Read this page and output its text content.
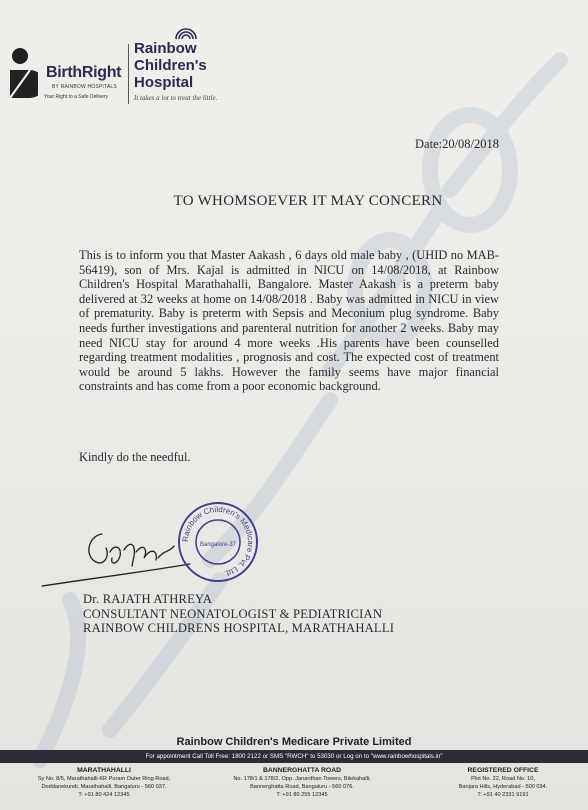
BirthRight
BY RAINBOW HOSPITALS
Your Right to a Safe Delivery
Rainbow
Children's
Hospital
It takes a lot to treat the little.
Date:20/08/2018
TO WHOMSOEVER IT MAY CONCERN
This is to inform you that Master Aakash , 6 days old male baby , (UHID no MAB-56419), son of Mrs. Kajal is admitted in NICU on 14/08/2018, at Rainbow Children's Hospital Marathahalli, Bangalore. Master Aakash is a preterm baby delivered at 32 weeks at home on 14/08/2018 . Baby was admitted in NICU in view of prematurity. Baby is preterm with Sepsis and Meconium plug syndrome. Baby needs further investigations and parenteral nutrition for another 2 weeks. Baby may need NICU stay for around 4 more weeks .His parents have been counselled regarding treatment modalities , prognosis and cost. The expected cost of treatment would be around 5 lakhs. However the family seems have major financial constraints and has come from a poor economic background.
Kindly do the needful.
Rainbow Children's Medicare Pvt. Ltd.
Bangalore-37
Dr. RAJATH ATHREYA
CONSULTANT NEONATOLOGIST & PEDIATRICIAN
RAINBOW CHILDRENS HOSPITAL, MARATHAHALLI
Rainbow Children's Medicare Private Limited
For appointment Call Toll Free: 1800 2122 or SMS "RWCH" to 53030 or Log on to "www.rainbowhospitals.in"
MARATHAHALLI
Sy No. 8/5, Marathahalli-KR Puram Outer Ring Road,
Doddanekundi, Marathahalli, Bangaluru - 560 037.
T: +91 80 424 12345
BANNERGHATTA ROAD
No. 178/1 & 178/2, Opp. Janardhan Towers, Bilekahalli,
Bannerghatta Road, Bangaluru - 560 076.
T: +91 80 255 12345
REGISTERED OFFICE
Plot No. 22, Road No. 10,
Banjara Hills, Hyderabad - 500 034.
T: +91 40 2331 9191
